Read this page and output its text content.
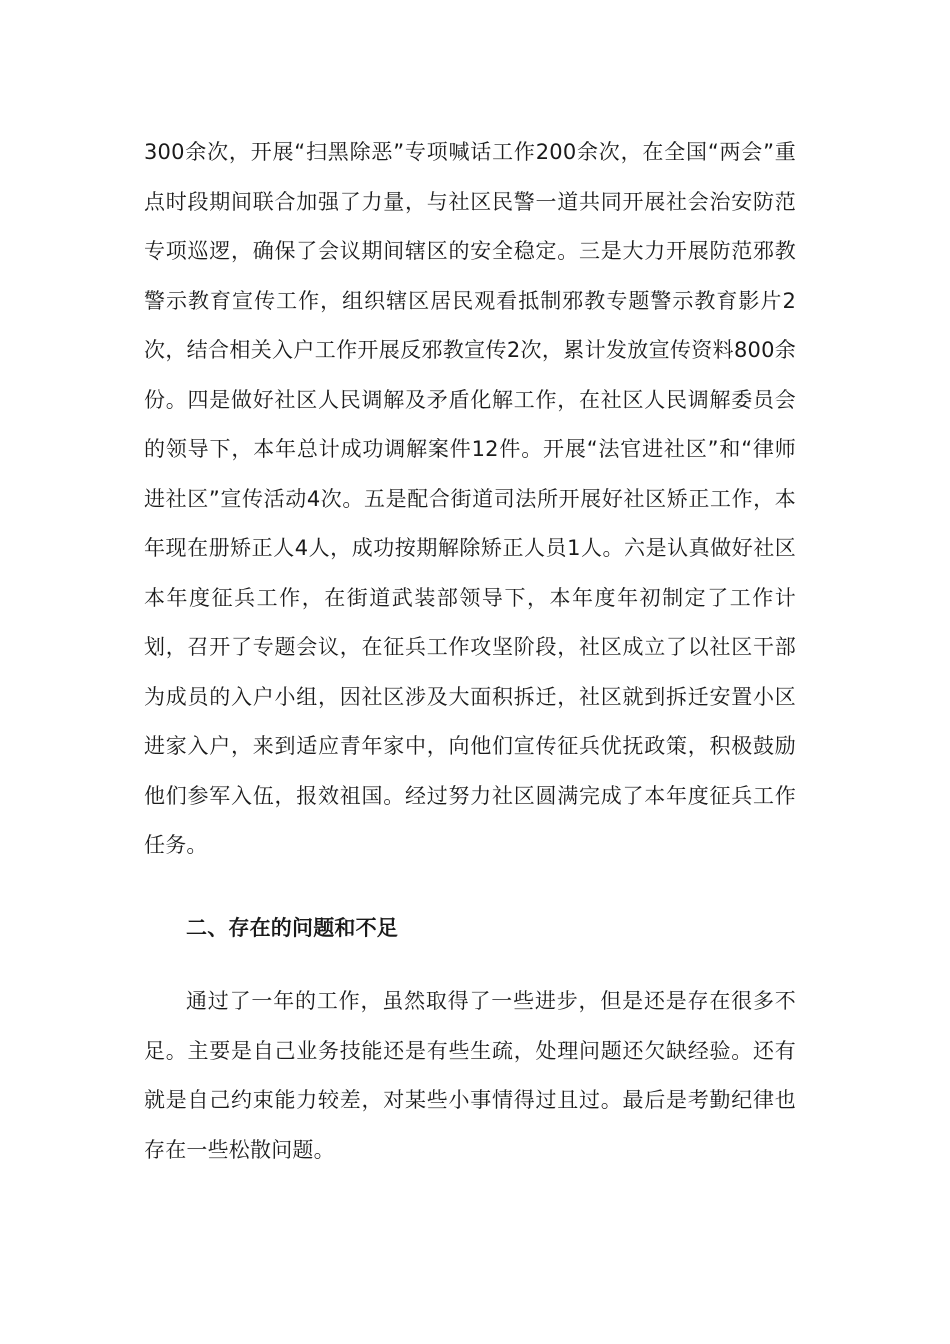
300余次，开展“扫黑除恶”专项喊话工作200余次，在全国“两会”重点时段期间联合加强了力量，与社区民警一道共同开展社会治安防范专项巡逻，确保了会议期间辖区的安全稳定。三是大力开展防范邪教警示教育宣传工作，组织辖区居民观看抵制邪教专题警示教育影片2次，结合相关入户工作开展反邪教宣传2次，累计发放宣传资料800余份。四是做好社区人民调解及矛盾化解工作，在社区人民调解委员会的领导下，本年总计成功调解案件12件。开展“法官进社区”和“律师进社区”宣传活动4次。五是配合街道司法所开展好社区矫正工作，本年现在册矫正人4人，成功按期解除矫正人员1人。六是认真做好社区本年度征兵工作，在街道武装部领导下，本年度年初制定了工作计划，召开了专题会议，在征兵工作攻坚阶段，社区成立了以社区干部为成员的入户小组，因社区涉及大面积拆迁，社区就到拆迁安置小区进家入户，来到适应青年家中，向他们宣传征兵优抚政策，积极鼓励他们参军入伍，报效祖国。经过努力社区圆满完成了本年度征兵工作任务。

二、存在的问题和不足

通过了一年的工作，虽然取得了一些进步，但是还是存在很多不足。主要是自己业务技能还是有些生疏，处理问题还欠缺经验。还有就是自己约束能力较差，对某些小事情得过且过。最后是考勤纪律也存在一些松散问题。
